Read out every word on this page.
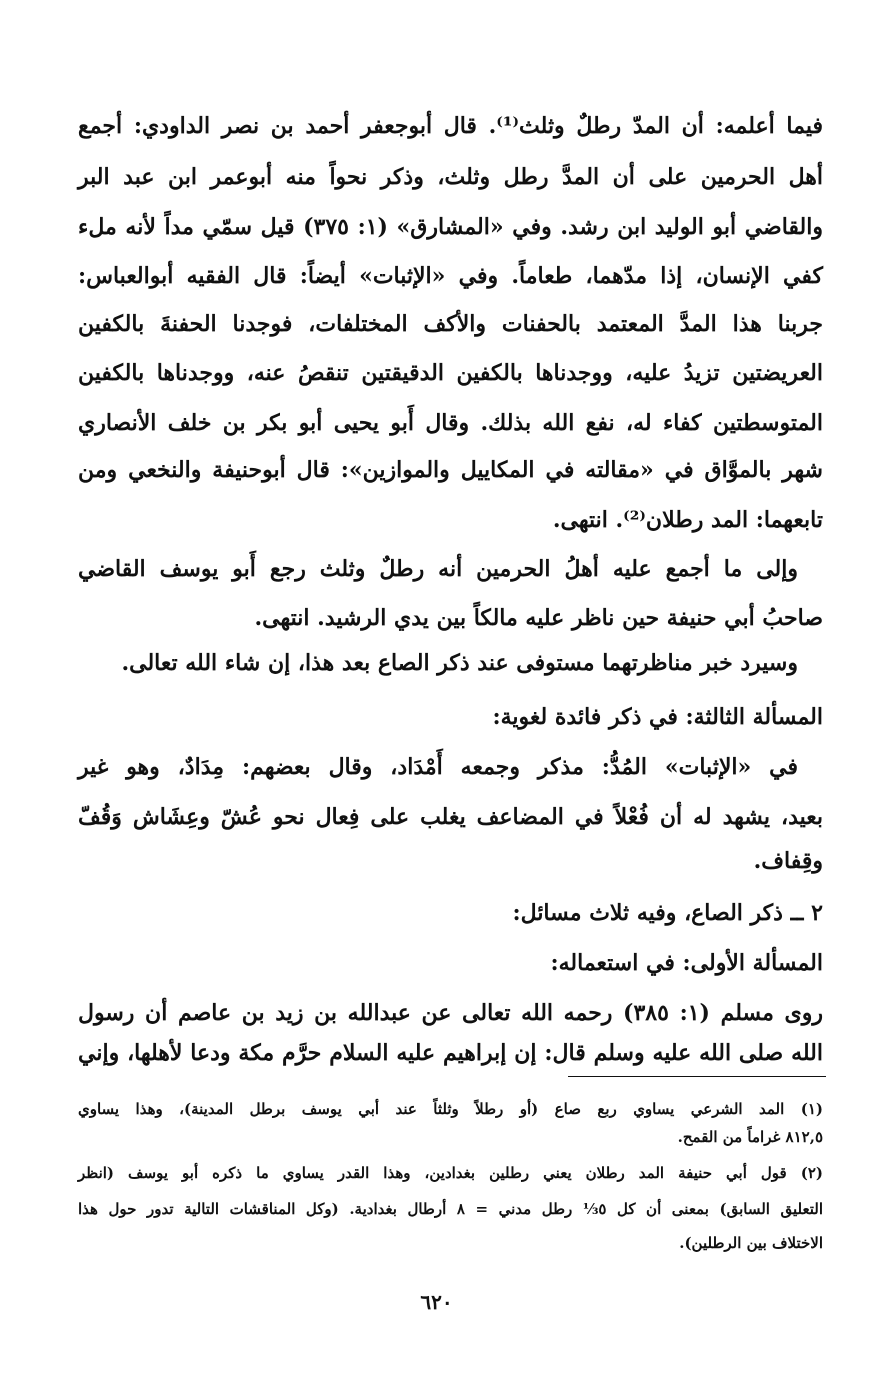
فيما أعلمه: أن المدّ رطلٌ وثلث⁽¹⁾. قال أبوجعفر أحمد بن نصر الداودي: أجمع
أهل الحرمين على أن المدَّ رطل وثلث، وذكر نحواً منه أبوعمر ابن عبد البر
والقاضي أبو الوليد ابن رشد. وفي «المشارق» (١: ٣٧٥) قيل سمّي مداً لأنه ملء
كفي الإنسان، إذا مدّهما، طعاماً. وفي «الإثبات» أيضاً: قال الفقيه أبوالعباس:
جربنا هذا المدَّ المعتمد بالحفنات والأكف المختلفات، فوجدنا الحفنةَ بالكفين
العريضتين تزيدُ عليه، ووجدناها بالكفين الدقيقتين تنقصُ عنه، ووجدناها بالكفين
المتوسطتين كفاء له، نفع الله بذلك. وقال أَبو يحيى أبو بكر بن خلف الأنصاري
شهر بالموَّاق في «مقالته في المكاييل والموازين»: قال أبوحنيفة والنخعي ومن
تابعهما: المد رطلان⁽²⁾. انتهى.
وإلى ما أجمع عليه أهلُ الحرمين أنه رطلٌ وثلث رجع أَبو يوسف القاضي
صاحبُ أبي حنيفة حين ناظر عليه مالكاً بين يدي الرشيد. انتهى.
وسيرد خبر مناظرتهما مستوفى عند ذكر الصاع بعد هذا، إن شاء الله تعالى.
المسألة الثالثة: في ذكر فائدة لغوية:
في «الإثبات» المُدُّ: مذكر وجمعه أَمْدَاد، وقال بعضهم: مِدَادٌ، وهو غير
بعيد، يشهد له أن فُعْلاً في المضاعف يغلب على فِعال نحو عُشّ وعِشَاش وَقُفّ
وقِفاف.
٢ ــ ذكر الصاع، وفيه ثلاث مسائل:
المسألة الأولى: في استعماله:
روى مسلم (١: ٣٨٥) رحمه الله تعالى عن عبدالله بن زيد بن عاصم أن رسول
الله صلى الله عليه وسلم قال: إن إبراهيم عليه السلام حرَّم مكة ودعا لأهلها، وإني
(١) المد الشرعي يساوي ربع صاع (أو رطلاً وثلثاً عند أبي يوسف برطل المدينة)، وهذا يساوي
٨١٢,٥ غراماً من القمح.
(٢) قول أبي حنيفة المد رطلان يعني رطلين بغدادين، وهذا القدر يساوي ما ذكره أبو يوسف (انظر
التعليق السابق) بمعنى أن كل ٥⅓ رطل مدني = ٨ أرطال بغدادية. (وكل المناقشات التالية تدور حول هذا
الاختلاف بين الرطلين).
٦٢٠
